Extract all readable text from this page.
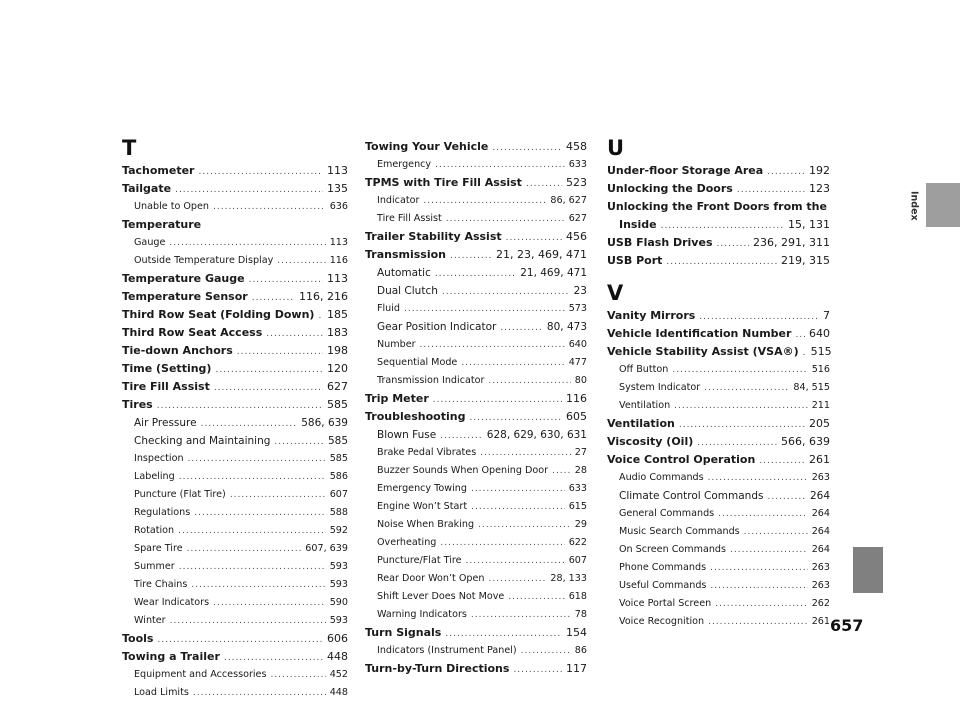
T
Tachometer .....	113
Tailgate .....	135
Unable to Open .....	636
Temperature
Gauge .....	113
Outside Temperature Display .....	116
Temperature Gauge .....	113
Temperature Sensor .....	116, 216
Third Row Seat (Folding Down) ..... 185
Third Row Seat Access .....	183
Tie-down Anchors .....	198
Time (Setting) .....	120
Tire Fill Assist .....	627
Tires .....	585
Air Pressure .....	586, 639
Checking and Maintaining .....	585
Inspection .....	585
Labeling .....	586
Puncture (Flat Tire) .....	607
Regulations .....	588
Rotation .....	592
Spare Tire .....	607, 639
Summer .....	593
Tire Chains .....	593
Wear Indicators .....	590
Winter .....	593
Tools .....	606
Towing a Trailer .....	448
Equipment and Accessories .....	452
Load Limits .....	448
Towing Your Vehicle .....	458
Emergency .....	633
TPMS with Tire Fill Assist .....	523
Indicator .....	86, 627
Tire Fill Assist .....	627
Trailer Stability Assist .....	456
Transmission .....	21, 23, 469, 471
Automatic .....	21, 469, 471
Dual Clutch .....	23
Fluid .....	573
Gear Position Indicator .....	80, 473
Number .....	640
Sequential Mode .....	477
Transmission Indicator .....	80
Trip Meter .....	116
Troubleshooting .....	605
Blown Fuse .....	628, 629, 630, 631
Brake Pedal Vibrates .....	27
Buzzer Sounds When Opening Door .....	28
Emergency Towing .....	633
Engine Won’t Start .....	615
Noise When Braking .....	29
Overheating .....	622
Puncture/Flat Tire .....	607
Rear Door Won’t Open .....	28, 133
Shift Lever Does Not Move .....	618
Warning Indicators .....	78
Turn Signals .....	154
Indicators (Instrument Panel) .....	86
Turn-by-Turn Directions .....	117
U
Under-floor Storage Area .....	192
Unlocking the Doors .....	123
Unlocking the Front Doors from the
Inside .....	15, 131
USB Flash Drives .....	236, 291, 311
USB Port .....	219, 315
V
Vanity Mirrors .....	7
Vehicle Identification Number ..... 640
Vehicle Stability Assist (VSA®) ..... 515
Off Button .....	516
System Indicator .....	84, 515
Ventilation .....	211
Ventilation .....	205
Viscosity (Oil) .....	566, 639
Voice Control Operation .....	261
Audio Commands .....	263
Climate Control Commands .....	264
General Commands .....	264
Music Search Commands .....	264
On Screen Commands .....	264
Phone Commands .....	263
Useful Commands .....	263
Voice Portal Screen .....	262
Voice Recognition .....	261
Index
657
